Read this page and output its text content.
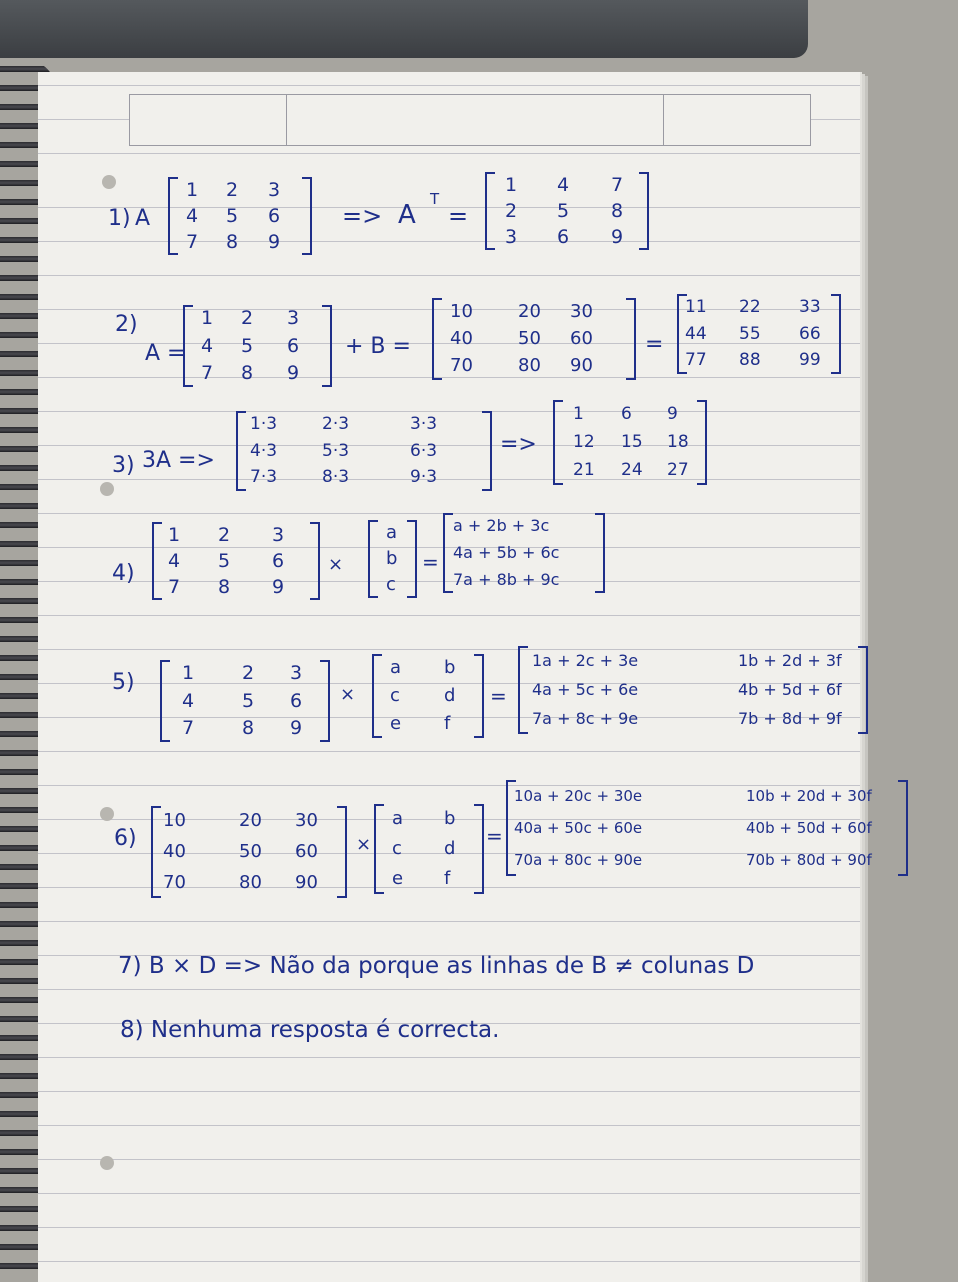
1) A
1 2 3
4 5 6
7 8 9
=> A
T
=
1 4 7
2 5 8
3 6 9
2)
A =
1 2 3
4 5 6
7 8 9
+ B =
10	20 30
40	50 60
70	80 90
=
11 22 33
44 55 66
77 88 99
3) 3A =>
1·3	2·3	3·3
4·3	5·3	6·3
7·3	8·3	9·3
=>
1 6 9
12 15 18
21 24 27
4)
1 2 3
4 5 6
7 8 9
×
a
b
c
=
a + 2b + 3c
4a + 5b + 6c
7a + 8b + 9c
5) 1	2 3
4	5 6
7	8 9
×
a b
c d
e f
=
1a + 2c + 3e	1b + 2d + 3f
4a + 5c + 6e	4b + 5d + 6f
7a + 8c + 9e	7b + 8d + 9f
6)
10	20 30
40	50 60
70	80 90
×
a b
c d
e f
=
10a + 20c + 30e	10b + 20d + 30f
40a + 50c + 60e	40b + 50d + 60f
70a + 80c + 90e	70b + 80d + 90f
7) B × D => Não da porque as linhas de B ≠ colunas D
8) Nenhuma resposta é correcta.
